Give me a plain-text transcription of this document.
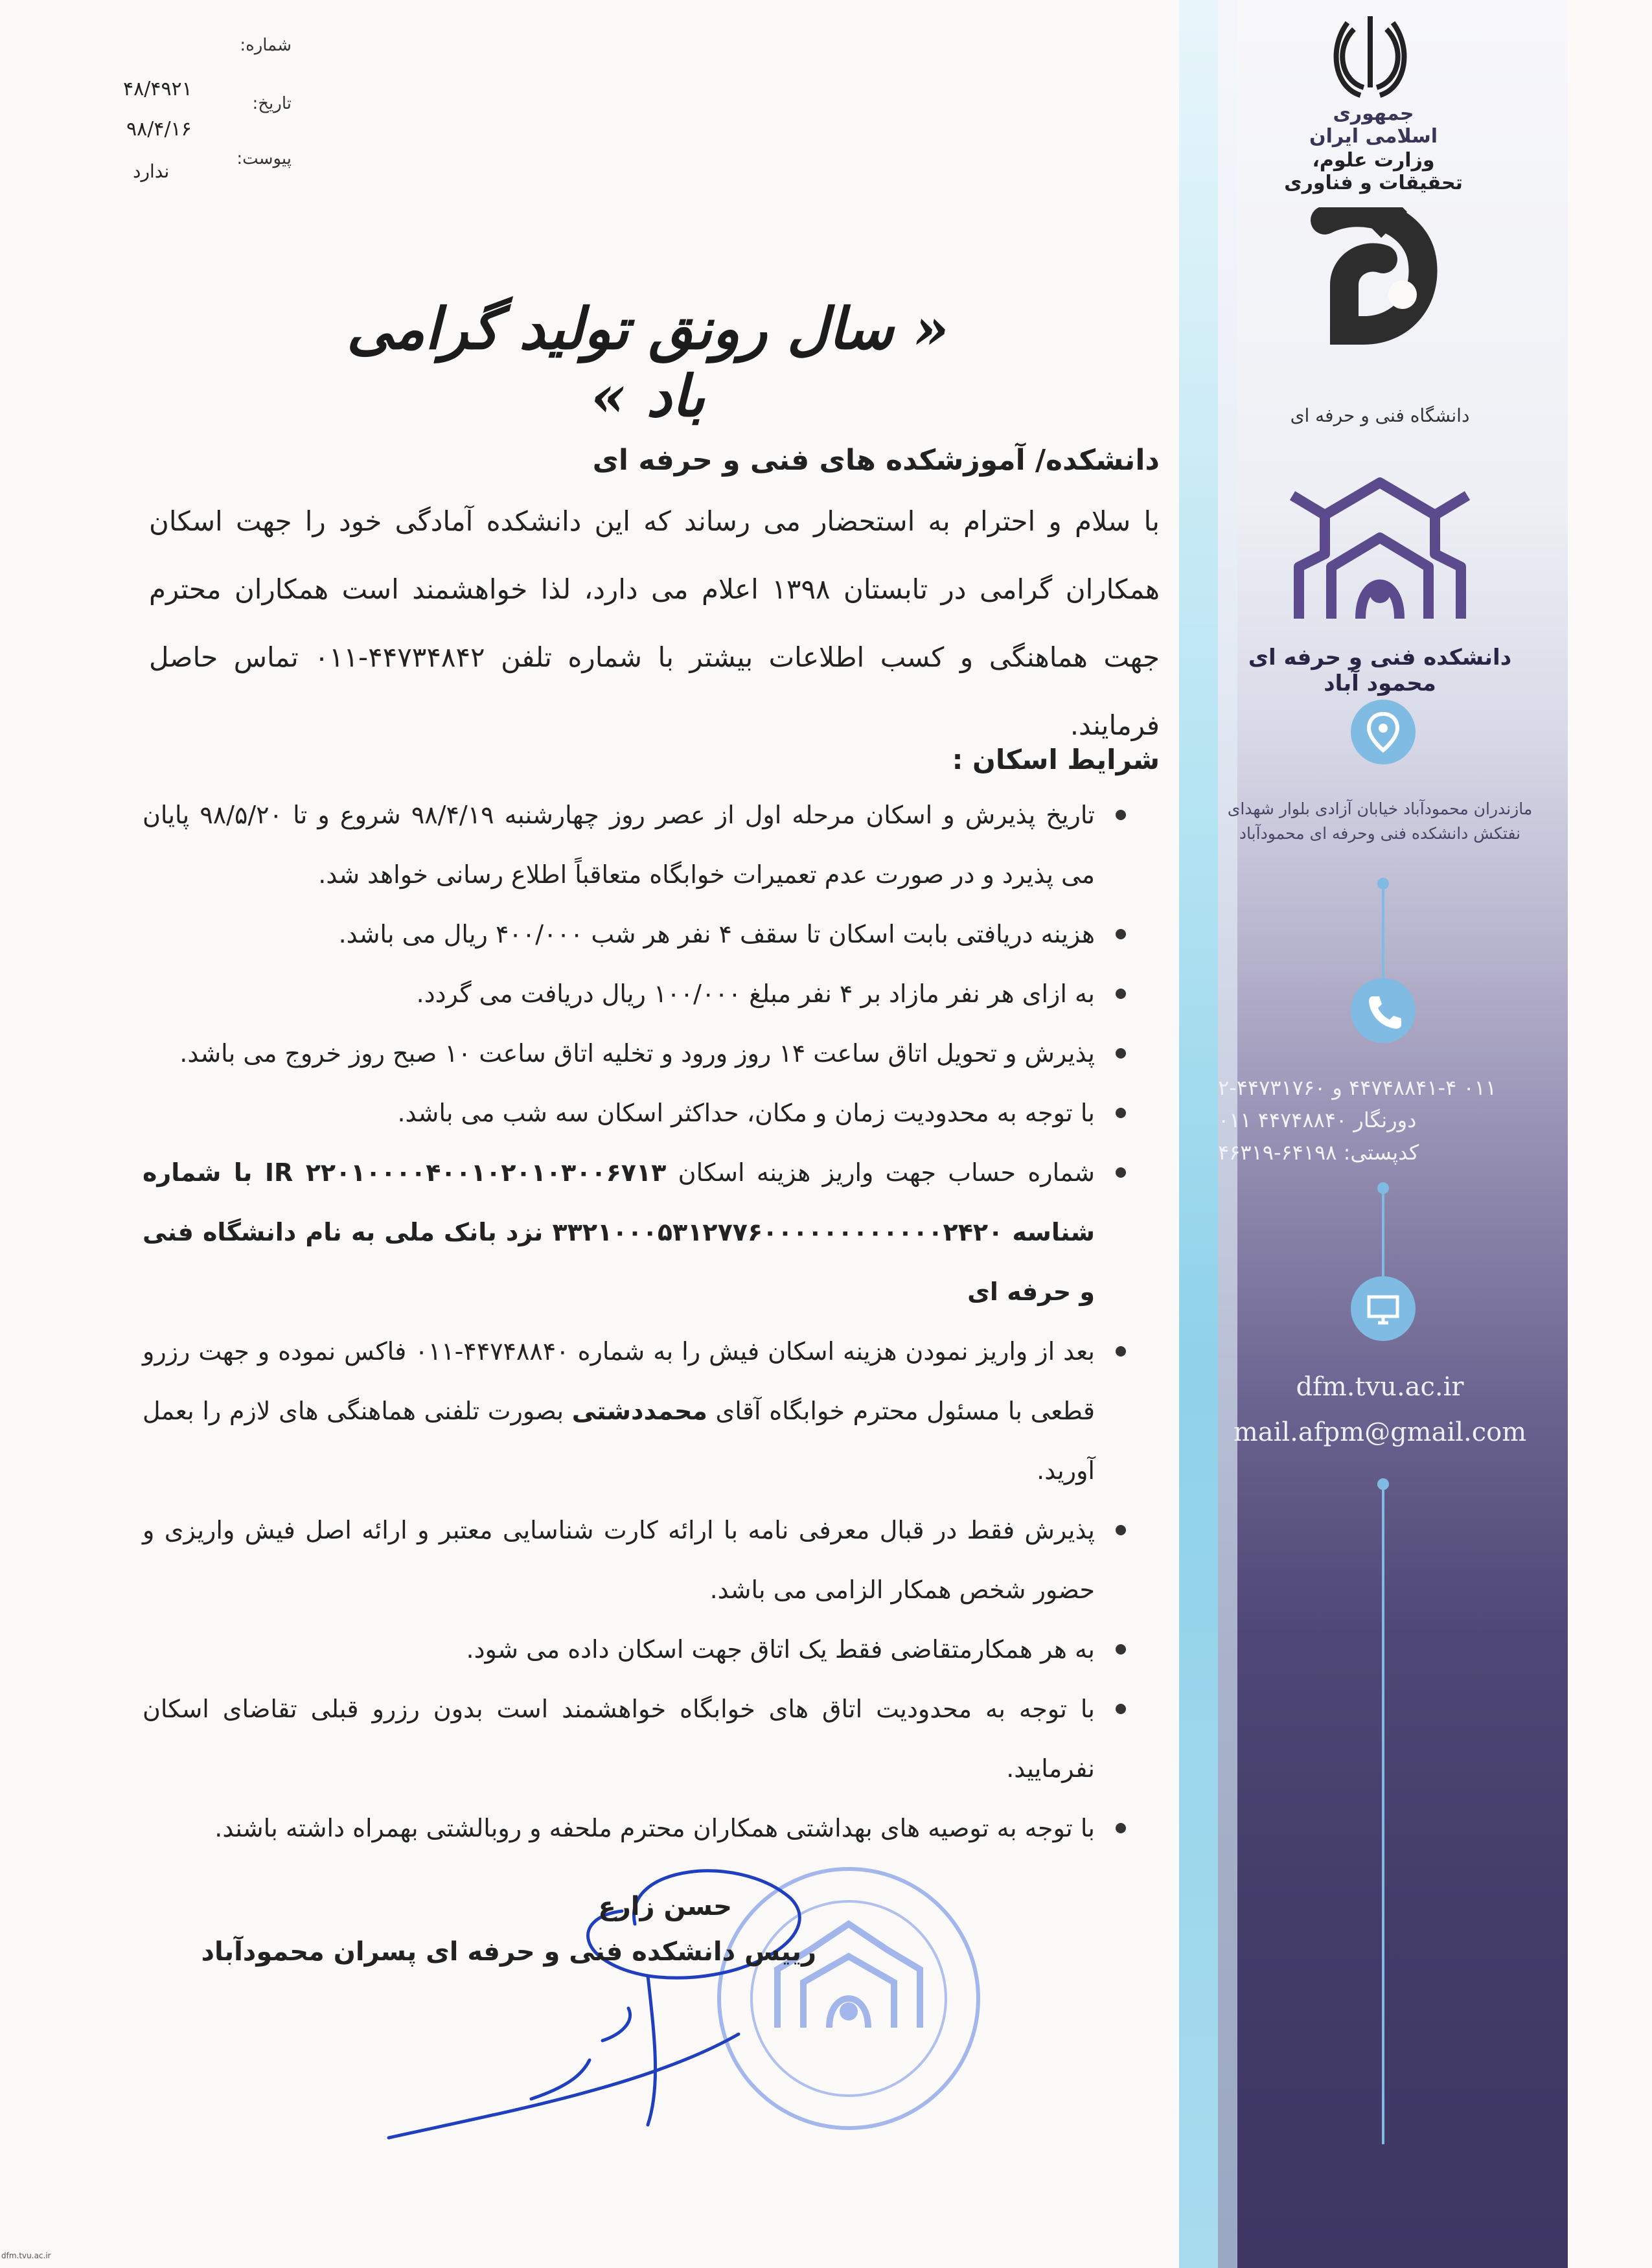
شماره:
تاریخ:
پیوست:
۴۸/۴۹۲۱
۹۸/۴/۱۶
ندارد
« سال رونق تولید گرامی باد »
دانشکده/ آموزشکده های فنی و حرفه ای
با سلام و احترام به استحضار می رساند که این دانشکده آمادگی خود را جهت اسکان همکاران گرامی در تابستان ۱۳۹۸ اعلام می دارد، لذا خواهشمند است همکاران محترم جهت هماهنگی و کسب اطلاعات بیشتر با شماره تلفن ۴۴۷۳۴۸۴۲-۰۱۱ تماس حاصل فرمایند.
شرایط اسکان :
تاریخ پذیرش و اسکان مرحله اول از عصر روز چهارشنبه ۹۸/۴/۱۹ شروع و تا ۹۸/۵/۲۰ پایان می پذیرد و در صورت عدم تعمیرات خوابگاه متعاقباً اطلاع رسانی خواهد شد.
هزینه دریافتی بابت اسکان تا سقف ۴ نفر هر شب ۴۰۰/۰۰۰ ریال می باشد.
به ازای هر نفر مازاد بر ۴ نفر مبلغ ۱۰۰/۰۰۰ ریال دریافت می گردد.
پذیرش و تحویل اتاق ساعت ۱۴ روز ورود و تخلیه اتاق ساعت ۱۰ صبح روز خروج می باشد.
با توجه به محدودیت زمان و مکان، حداکثر اسکان سه شب می باشد.
شماره حساب جهت واریز هزینه اسکان IR ۲۲۰۱۰۰۰۰۴۰۰۱۰۲۰۱۰۳۰۰۶۷۱۳ با شماره شناسه ۳۳۲۱۰۰۰۵۳۱۲۷۷۶۰۰۰۰۰۰۰۰۰۰۰۰۲۴۲۰ نزد بانک ملی به نام دانشگاه فنی و حرفه ای
بعد از واریز نمودن هزینه اسکان فیش را به شماره ۴۴۷۴۸۸۴۰-۰۱۱ فاکس نموده و جهت رزرو قطعی با مسئول محترم خوابگاه آقای محمددشتی بصورت تلفنی هماهنگی های لازم را بعمل آورید.
پذیرش فقط در قبال معرفی نامه با ارائه کارت شناسایی معتبر و ارائه اصل فیش واریزی و حضور شخص همکار الزامی می باشد.
به هر همکارمتقاضی فقط یک اتاق جهت اسکان داده می شود.
با توجه به محدودیت اتاق های خوابگاه خواهشمند است بدون رزرو قبلی تقاضای اسکان نفرمایید.
با توجه به توصیه های بهداشتی همکاران محترم ملحفه و روبالشتی بهمراه داشته باشند.
حسن زارع
رییس دانشکده فنی و حرفه ای پسران محمودآباد
جمهوری اسلامی ایران
وزارت علوم، تحقیقات و فناوری
دانشگاه فنی و حرفه ای
دانشکده فنی و حرفه ای محمود آباد
مازندران محمودآباد خیابان آزادی بلوار شهدای نفتکش دانشکده فنی وحرفه ای محمودآباد
۰۱۱ ۴۴۷۴۸۸۴۱-۴ و ۴۴۷۳۱۷۶۰-۲
دورنگار ۴۴۷۴۸۸۴۰ ۰۱۱
کدپستی: ۶۴۱۹۸-۴۶۳۱۹
dfm.tvu.ac.ir
mail.afpm@gmail.com
dfm.tvu.ac.ir
